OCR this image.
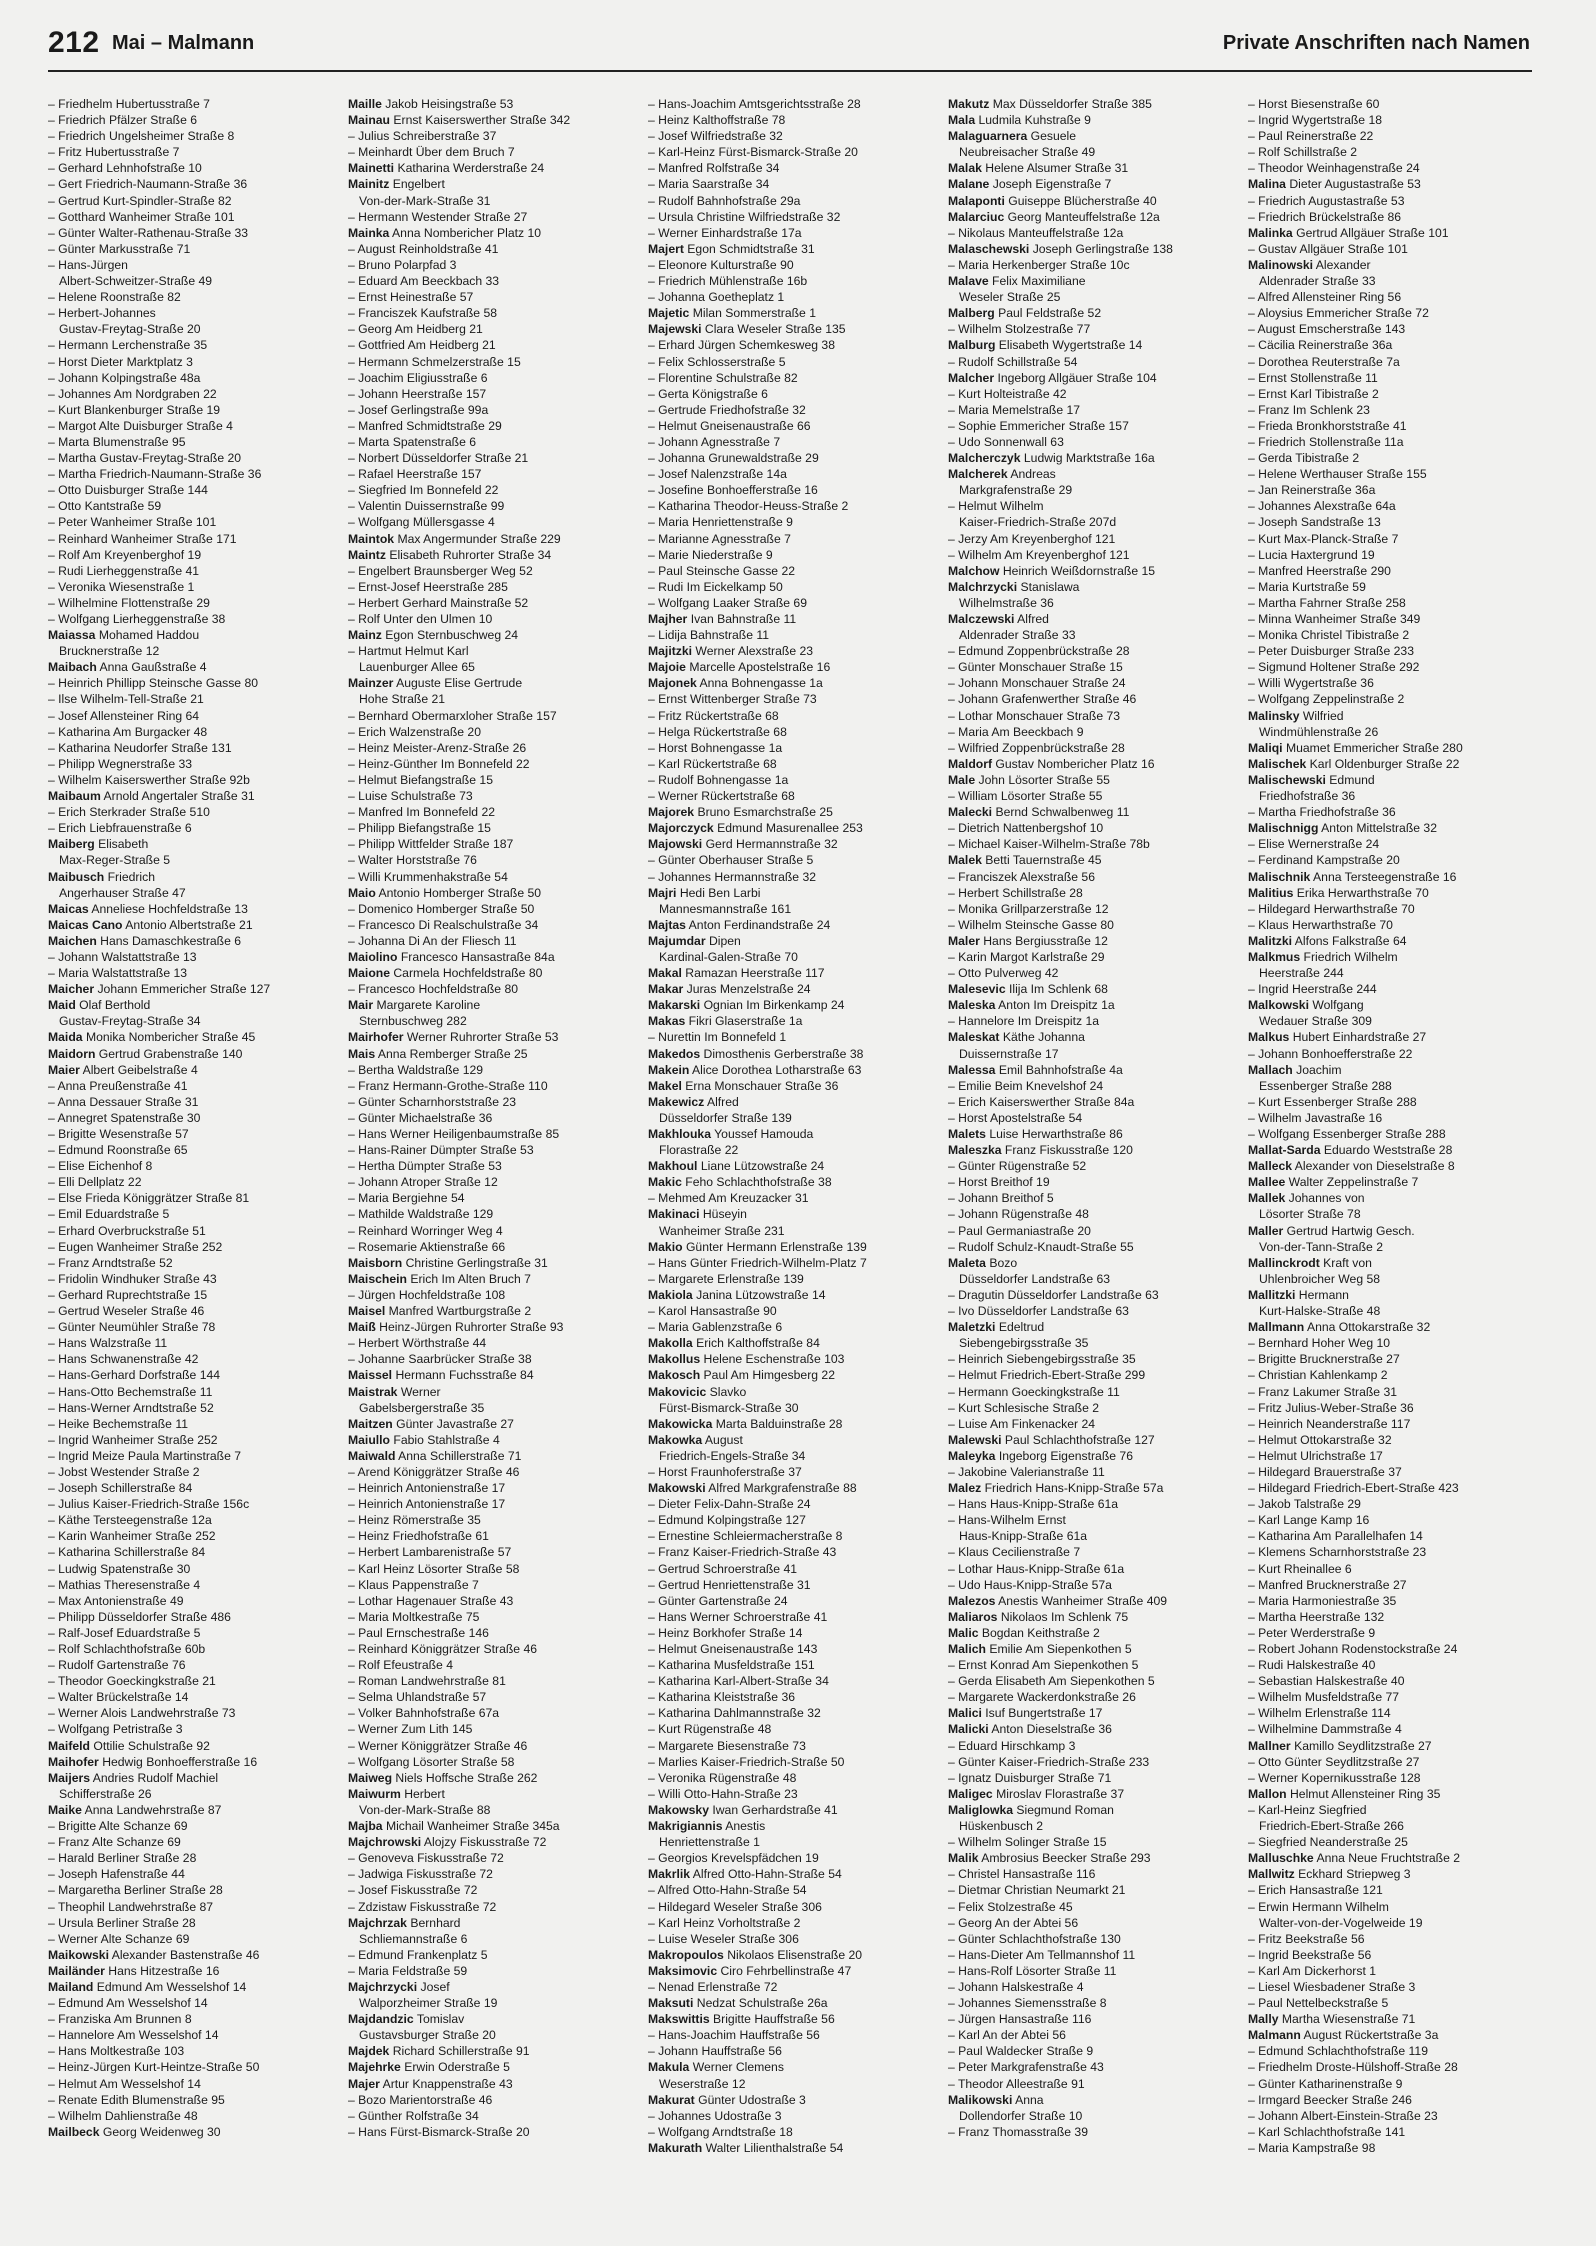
212 Mai – Malmann	Private Anschriften nach Namen
– Friedhelm Hubertusstraße 7
– Friedrich Pfälzer Straße 6
– Friedrich Ungelsheimer Straße 8
– Fritz Hubertusstraße 7
– Gerhard Lehnhofstraße 10
– Gert Friedrich-Naumann-Straße 36
– Gertrud Kurt-Spindler-Straße 82
– Gotthard Wanheimer Straße 101
– Günter Walter-Rathenau-Straße 33
– Günter Markusstraße 71
– Hans-Jürgen
Albert-Schweitzer-Straße 49
– Helene Roonstraße 82
– Herbert-Johannes
Gustav-Freytag-Straße 20
– Hermann Lerchenstraße 35
– Horst Dieter Marktplatz 3
– Johann Kolpingstraße 48a
– Johannes Am Nordgraben 22
– Kurt Blankenburger Straße 19
– Margot Alte Duisburger Straße 4
– Marta Blumenstraße 95
– Martha Gustav-Freytag-Straße 20
– Martha Friedrich-Naumann-Straße 36
– Otto Duisburger Straße 144
– Otto Kantstraße 59
– Peter Wanheimer Straße 101
– Reinhard Wanheimer Straße 171
– Rolf Am Kreyenberghof 19
– Rudi Lierheggenstraße 41
– Veronika Wiesenstraße 1
– Wilhelmine Flottenstraße 29
– Wolfgang Lierheggenstraße 38
Maiassa Mohamed Haddou
Brucknerstraße 12
Maibach Anna Gaußstraße 4
– Heinrich Phillipp Steinsche Gasse 80
– Ilse Wilhelm-Tell-Straße 21
– Josef Allensteiner Ring 64
– Katharina Am Burgacker 48
– Katharina Neudorfer Straße 131
– Philipp Wegnerstraße 33
– Wilhelm Kaiserswerther Straße 92b
Maibaum Arnold Angertaler Straße 31
– Erich Sterkrader Straße 510
– Erich Liebfrauenstraße 6
Maiberg Elisabeth
Max-Reger-Straße 5
Maibusch Friedrich
Angerhauser Straße 47
Maicas Anneliese Hochfeldstraße 13
Maicas Cano Antonio Albertstraße 21
Maichen Hans Damaschkestraße 6
– Johann Walstattstraße 13
– Maria Walstattstraße 13
Maicher Johann Emmericher Straße 127
Maid Olaf Berthold
Gustav-Freytag-Straße 34
Maida Monika Nombericher Straße 45
Maidorn Gertrud Grabenstraße 140
Maier Albert Geibelstraße 4
– Anna Preußenstraße 41
– Anna Dessauer Straße 31
– Annegret Spatenstraße 30
– Brigitte Wesenstraße 57
– Edmund Roonstraße 65
– Elise Eichenhof 8
– Elli Dellplatz 22
– Else Frieda Königgrätzer Straße 81
– Emil Eduardstraße 5
– Erhard Overbruckstraße 51
– Eugen Wanheimer Straße 252
– Franz Arndtstraße 52
– Fridolin Windhuker Straße 43
– Gerhard Ruprechtstraße 15
– Gertrud Weseler Straße 46
– Günter Neumühler Straße 78
– Hans Walzstraße 11
– Hans Schwanenstraße 42
– Hans-Gerhard Dorfstraße 144
– Hans-Otto Bechemstraße 11
– Hans-Werner Arndtstraße 52
– Heike Bechemstraße 11
– Ingrid Wanheimer Straße 252
– Ingrid Meize Paula Martinstraße 7
– Jobst Westender Straße 2
– Joseph Schillerstraße 84
– Julius Kaiser-Friedrich-Straße 156c
– Käthe Tersteegenstraße 12a
– Karin Wanheimer Straße 252
– Katharina Schillerstraße 84
– Ludwig Spatenstraße 30
– Mathias Theresenstraße 4
– Max Antonienstraße 49
– Philipp Düsseldorfer Straße 486
– Ralf-Josef Eduardstraße 5
– Rolf Schlachthofstraße 60b
– Rudolf Gartenstraße 76
– Theodor Goeckingkstraße 21
– Walter Brückelstraße 14
– Werner Alois Landwehrstraße 73
– Wolfgang Petristraße 3
Maifeld Ottilie Schulstraße 92
Maihofer Hedwig Bonhoefferstraße 16
Maijers Andries Rudolf Machiel
Schifferstraße 26
Maike Anna Landwehrstraße 87
– Brigitte Alte Schanze 69
– Franz Alte Schanze 69
– Harald Berliner Straße 28
– Joseph Hafenstraße 44
– Margaretha Berliner Straße 28
– Theophil Landwehrstraße 87
– Ursula Berliner Straße 28
– Werner Alte Schanze 69
Maikowski Alexander Bastenstraße 46
Mailänder Hans Hitzestraße 16
Mailand Edmund Am Wesselshof 14
– Edmund Am Wesselshof 14
– Franziska Am Brunnen 8
– Hannelore Am Wesselshof 14
– Hans Moltkestraße 103
– Heinz-Jürgen Kurt-Heintze-Straße 50
– Helmut Am Wesselshof 14
– Renate Edith Blumenstraße 95
– Wilhelm Dahlienstraße 48
Mailbeck Georg Weidenweg 30
Maille Jakob Heisingstraße 53
Mainau Ernst Kaiserswerther Straße 342
– Julius Schreiberstraße 37
– Meinhardt Über dem Bruch 7
Mainetti Katharina Werderstraße 24
Mainitz Engelbert
Von-der-Mark-Straße 31
– Hermann Westender Straße 27
Mainka Anna Nombericher Platz 10
– August Reinholdstraße 41
– Bruno Polarpfad 3
– Eduard Am Beeckbach 33
– Ernst Heinestraße 57
– Franciszek Kaufstraße 58
– Georg Am Heidberg 21
– Gottfried Am Heidberg 21
– Hermann Schmelzerstraße 15
– Joachim Eligiusstraße 6
– Johann Heerstraße 157
– Josef Gerlingstraße 99a
– Manfred Schmidtstraße 29
– Marta Spatenstraße 6
– Norbert Düsseldorfer Straße 21
– Rafael Heerstraße 157
– Siegfried Im Bonnefeld 22
– Valentin Duissernstraße 99
– Wolfgang Müllersgasse 4
Maintok Max Angermunder Straße 229
Maintz Elisabeth Ruhrorter Straße 34
– Engelbert Braunsberger Weg 52
– Ernst-Josef Heerstraße 285
– Herbert Gerhard Mainstraße 52
– Rolf Unter den Ulmen 10
Mainz Egon Sternbuschweg 24
– Hartmut Helmut Karl
Lauenburger Allee 65
Mainzer Auguste Elise Gertrude
Hohe Straße 21
– Bernhard Obermarxloher Straße 157
– Erich Walzenstraße 20
– Heinz Meister-Arenz-Straße 26
– Heinz-Günther Im Bonnefeld 22
– Helmut Biefangstraße 15
– Luise Schulstraße 73
– Manfred Im Bonnefeld 22
– Philipp Biefangstraße 15
– Philipp Wittfelder Straße 187
– Walter Horststraße 76
– Willi Krummenhakstraße 54
Maio Antonio Homberger Straße 50
– Domenico Homberger Straße 50
– Francesco Di Realschulstraße 34
– Johanna Di An der Fliesch 11
Maiolino Francesco Hansastraße 84a
Maione Carmela Hochfeldstraße 80
– Francesco Hochfeldstraße 80
Mair Margarete Karoline
Sternbuschweg 282
Mairhofer Werner Ruhrorter Straße 53
Mais Anna Remberger Straße 25
– Bertha Waldstraße 129
– Franz Hermann-Grothe-Straße 110
– Günter Scharnhorststraße 23
– Günter Michaelstraße 36
– Hans Werner Heiligenbaumstraße 85
– Hans-Rainer Dümpter Straße 53
– Hertha Dümpter Straße 53
– Johann Atroper Straße 12
– Maria Bergiehne 54
– Mathilde Waldstraße 129
– Reinhard Worringer Weg 4
– Rosemarie Aktienstraße 66
Maisborn Christine Gerlingstraße 31
Maischein Erich Im Alten Bruch 7
– Jürgen Hochfeldstraße 108
Maisel Manfred Wartburgstraße 2
Maiß Heinz-Jürgen Ruhrorter Straße 93
– Herbert Wörthstraße 44
– Johanne Saarbrücker Straße 38
Maissel Hermann Fuchsstraße 84
Maistrak Werner
Gabelsbergerstraße 35
Maitzen Günter Javastraße 27
Maiullo Fabio Stahlstraße 4
Maiwald Anna Schillerstraße 71
– Arend Königgrätzer Straße 46
– Heinrich Antonienstraße 17
– Heinrich Antonienstraße 17
– Heinz Römerstraße 35
– Heinz Friedhofstraße 61
– Herbert Lambarenistraße 57
– Karl Heinz Lösorter Straße 58
– Klaus Pappenstraße 7
– Lothar Hagenauer Straße 43
– Maria Moltkestraße 75
– Paul Ernschestraße 146
– Reinhard Königgrätzer Straße 46
– Rolf Efeustraße 4
– Roman Landwehrstraße 81
– Selma Uhlandstraße 57
– Volker Bahnhofstraße 67a
– Werner Zum Lith 145
– Werner Königgrätzer Straße 46
– Wolfgang Lösorter Straße 58
Maiweg Niels Hoffsche Straße 262
Maiwurm Herbert
Von-der-Mark-Straße 88
Majba Michail Wanheimer Straße 345a
Majchrowski Alojzy Fiskusstraße 72
– Genoveva Fiskusstraße 72
– Jadwiga Fiskusstraße 72
– Josef Fiskusstraße 72
– Zdzistaw Fiskusstraße 72
Majchrzak Bernhard
Schliemannstraße 6
– Edmund Frankenplatz 5
– Maria Feldstraße 59
Majchrzycki Josef
Walporzheimer Straße 19
Majdandzic Tomislav
Gustavsburger Straße 20
Majdek Richard Schillerstraße 91
Majehrke Erwin Oderstraße 5
Majer Artur Knappenstraße 43
– Bozo Marientorstraße 46
– Günther Rolfstraße 34
– Hans Fürst-Bismarck-Straße 20
– Hans-Joachim Amtsgerichtsstraße 28
– Heinz Kalthoffstraße 78
– Josef Wilfriedstraße 32
– Karl-Heinz Fürst-Bismarck-Straße 20
– Manfred Rolfstraße 34
– Maria Saarstraße 34
– Rudolf Bahnhofstraße 29a
– Ursula Christine Wilfriedstraße 32
– Werner Einhardstraße 17a
Majert Egon Schmidtstraße 31
– Eleonore Kulturstraße 90
– Friedrich Mühlenstraße 16b
– Johanna Goetheplatz 1
Majetic Milan Sommerstraße 1
Majewski Clara Weseler Straße 135
– Erhard Jürgen Schemkesweg 38
– Felix Schlosserstraße 5
– Florentine Schulstraße 82
– Gerta Königstraße 6
– Gertrude Friedhofstraße 32
– Helmut Gneisenaustraße 66
– Johann Agnesstraße 7
– Johanna Grunewaldstraße 29
– Josef Nalenzstraße 14a
– Josefine Bonhoefferstraße 16
– Katharina Theodor-Heuss-Straße 2
– Maria Henriettenstraße 9
– Marianne Agnesstraße 7
– Marie Niederstraße 9
– Paul Steinsche Gasse 22
– Rudi Im Eickelkamp 50
– Wolfgang Laaker Straße 69
Majher Ivan Bahnstraße 11
– Lidija Bahnstraße 11
Majitzki Werner Alexstraße 23
Majoie Marcelle Apostelstraße 16
Majonek Anna Bohnengasse 1a
– Ernst Wittenberger Straße 73
– Fritz Rückertstraße 68
– Helga Rückertstraße 68
– Horst Bohnengasse 1a
– Karl Rückertstraße 68
– Rudolf Bohnengasse 1a
– Werner Rückertstraße 68
Majorek Bruno Esmarchstraße 25
Majorczyck Edmund Masurenallee 253
Majowski Gerd Hermannstraße 32
– Günter Oberhauser Straße 5
– Johannes Hermannstraße 32
Majri Hedi Ben Larbi
Mannesmannstraße 161
Majtas Anton Ferdinandstraße 24
Majumdar Dipen
Kardinal-Galen-Straße 70
Makal Ramazan Heerstraße 117
Makar Juras Menzelstraße 24
Makarski Ognian Im Birkenkamp 24
Makas Fikri Glaserstraße 1a
– Nurettin Im Bonnefeld 1
Makedos Dimosthenis Gerberstraße 38
Makein Alice Dorothea Lotharstraße 63
Makel Erna Monschauer Straße 36
Makewicz Alfred
Düsseldorfer Straße 139
Makhlouka Youssef Hamouda
Florastraße 22
Makhoul Liane Lützowstraße 24
Makic Feho Schlachthofstraße 38
– Mehmed Am Kreuzacker 31
Makinaci Hüseyin
Wanheimer Straße 231
Makio Günter Hermann Erlenstraße 139
– Hans Günter Friedrich-Wilhelm-Platz 7
– Margarete Erlenstraße 139
Makiola Janina Lützowstraße 14
– Karol Hansastraße 90
– Maria Gablenzstraße 6
Makolla Erich Kalthoffstraße 84
Makollus Helene Eschenstraße 103
Makosch Paul Am Himgesberg 22
Makovicic Slavko
Fürst-Bismarck-Straße 30
Makowicka Marta Balduinstraße 28
Makowka August
Friedrich-Engels-Straße 34
– Horst Fraunhoferstraße 37
Makowski Alfred Markgrafenstraße 88
– Dieter Felix-Dahn-Straße 24
– Edmund Kolpingstraße 127
– Ernestine Schleiermacherstraße 8
– Franz Kaiser-Friedrich-Straße 43
– Gertrud Schroerstraße 41
– Gertrud Henriettenstraße 31
– Günter Gartenstraße 24
– Hans Werner Schroerstraße 41
– Heinz Borkhofer Straße 14
– Helmut Gneisenaustraße 143
– Katharina Musfeldstraße 151
– Katharina Karl-Albert-Straße 34
– Katharina Kleiststraße 36
– Katharina Dahlmannstraße 32
– Kurt Rügenstraße 48
– Margarete Biesenstraße 73
– Marlies Kaiser-Friedrich-Straße 50
– Veronika Rügenstraße 48
– Willi Otto-Hahn-Straße 23
Makowsky Iwan Gerhardstraße 41
Makrigiannis Anestis
Henriettenstraße 1
– Georgios Krevelspfädchen 19
Makrlik Alfred Otto-Hahn-Straße 54
– Alfred Otto-Hahn-Straße 54
– Hildegard Weseler Straße 306
– Karl Heinz Vorholtstraße 2
– Luise Weseler Straße 306
Makropoulos Nikolaos Elisenstraße 20
Maksimovic Ciro Fehrbellinstraße 47
– Nenad Erlenstraße 72
Maksuti Nedzat Schulstraße 26a
Makswittis Brigitte Hauffstraße 56
– Hans-Joachim Hauffstraße 56
– Johann Hauffstraße 56
Makula Werner Clemens
Weserstraße 12
Makurat Günter Udostraße 3
– Johannes Udostraße 3
– Wolfgang Arndtstraße 18
Makurath Walter Lilienthalstraße 54
Makutz Max Düsseldorfer Straße 385
Mala Ludmila Kuhstraße 9
Malaguarnera Gesuele
Neubreisacher Straße 49
Malak Helene Alsumer Straße 31
Malane Joseph Eigenstraße 7
Malaponti Guiseppe Blücherstraße 40
Malarciuc Georg Manteuffelstraße 12a
– Nikolaus Manteuffelstraße 12a
Malaschewski Joseph Gerlingstraße 138
– Maria Herkenberger Straße 10c
Malave Felix Maximiliane
Weseler Straße 25
Malberg Paul Feldstraße 52
– Wilhelm Stolzestraße 77
Malburg Elisabeth Wygertstraße 14
– Rudolf Schillstraße 54
Malcher Ingeborg Allgäuer Straße 104
– Kurt Holteistraße 42
– Maria Memelstraße 17
– Sophie Emmericher Straße 157
– Udo Sonnenwall 63
Malcherczyk Ludwig Marktstraße 16a
Malcherek Andreas
Markgrafenstraße 29
– Helmut Wilhelm
Kaiser-Friedrich-Straße 207d
– Jerzy Am Kreyenberghof 121
– Wilhelm Am Kreyenberghof 121
Malchow Heinrich Weißdornstraße 15
Malchrzycki Stanislawa
Wilhelmstraße 36
Malczewski Alfred
Aldenrader Straße 33
– Edmund Zoppenbrückstraße 28
– Günter Monschauer Straße 15
– Johann Monschauer Straße 24
– Johann Grafenwerther Straße 46
– Lothar Monschauer Straße 73
– Maria Am Beeckbach 9
– Wilfried Zoppenbrückstraße 28
Maldorf Gustav Nombericher Platz 16
Male John Lösorter Straße 55
– William Lösorter Straße 55
Malecki Bernd Schwalbenweg 11
– Dietrich Nattenbergshof 10
– Michael Kaiser-Wilhelm-Straße 78b
Malek Betti Tauernstraße 45
– Franciszek Alexstraße 56
– Herbert Schillstraße 28
– Monika Grillparzerstraße 12
– Wilhelm Steinsche Gasse 80
Maler Hans Bergiusstraße 12
– Karin Margot Karlstraße 29
– Otto Pulverweg 42
Malesevic Ilija Im Schlenk 68
Maleska Anton Im Dreispitz 1a
– Hannelore Im Dreispitz 1a
Maleskat Käthe Johanna
Duissernstraße 17
Malessa Emil Bahnhofstraße 4a
– Emilie Beim Knevelshof 24
– Erich Kaiserswerther Straße 84a
– Horst Apostelstraße 54
Malets Luise Herwarthstraße 86
Maleszka Franz Fiskusstraße 120
– Günter Rügenstraße 52
– Horst Breithof 19
– Johann Breithof 5
– Johann Rügenstraße 48
– Paul Germaniastraße 20
– Rudolf Schulz-Knaudt-Straße 55
Maleta Bozo
Düsseldorfer Landstraße 63
– Dragutin Düsseldorfer Landstraße 63
– Ivo Düsseldorfer Landstraße 63
Maletzki Edeltrud
Siebengebirgsstraße 35
– Heinrich Siebengebirgsstraße 35
– Helmut Friedrich-Ebert-Straße 299
– Hermann Goeckingkstraße 11
– Kurt Schlesische Straße 2
– Luise Am Finkenacker 24
Malewski Paul Schlachthofstraße 127
Maleyka Ingeborg Eigenstraße 76
– Jakobine Valerianstraße 11
Malez Friedrich Hans-Knipp-Straße 57a
– Hans Haus-Knipp-Straße 61a
– Hans-Wilhelm Ernst
Haus-Knipp-Straße 61a
– Klaus Cecilienstraße 7
– Lothar Haus-Knipp-Straße 61a
– Udo Haus-Knipp-Straße 57a
Malezos Anestis Wanheimer Straße 409
Maliaros Nikolaos Im Schlenk 75
Malic Bogdan Keithstraße 2
Malich Emilie Am Siepenkothen 5
– Ernst Konrad Am Siepenkothen 5
– Gerda Elisabeth Am Siepenkothen 5
– Margarete Wackerdonkstraße 26
Malici Isuf Bungertstraße 17
Malicki Anton Dieselstraße 36
– Eduard Hirschkamp 3
– Günter Kaiser-Friedrich-Straße 233
– Ignatz Duisburger Straße 71
Maligec Miroslav Florastraße 37
Maliglowka Siegmund Roman
Hüskenbusch 2
– Wilhelm Solinger Straße 15
Malik Ambrosius Beecker Straße 293
– Christel Hansastraße 116
– Dietmar Christian Neumarkt 21
– Felix Stolzestraße 45
– Georg An der Abtei 56
– Günter Schlachthofstraße 130
– Hans-Dieter Am Tellmannshof 11
– Hans-Rolf Lösorter Straße 11
– Johann Halskestraße 4
– Johannes Siemensstraße 8
– Jürgen Hansastraße 116
– Karl An der Abtei 56
– Paul Waldecker Straße 9
– Peter Markgrafenstraße 43
– Theodor Alleestraße 91
Malikowski Anna
Dollendorfer Straße 10
– Franz Thomasstraße 39
– Horst Biesenstraße 60
– Ingrid Wygertstraße 18
– Paul Reinerstraße 22
– Rolf Schillstraße 2
– Theodor Weinhagenstraße 24
Malina Dieter Augustastraße 53
– Friedrich Augustastraße 53
– Friedrich Brückelstraße 86
Malinka Gertrud Allgäuer Straße 101
– Gustav Allgäuer Straße 101
Malinowski Alexander
Aldenrader Straße 33
– Alfred Allensteiner Ring 56
– Aloysius Emmericher Straße 72
– August Emscherstraße 143
– Cäcilia Reinerstraße 36a
– Dorothea Reuterstraße 7a
– Ernst Stollenstraße 11
– Ernst Karl Tibistraße 2
– Franz Im Schlenk 23
– Frieda Bronkhorststraße 41
– Friedrich Stollenstraße 11a
– Gerda Tibistraße 2
– Helene Werthauser Straße 155
– Jan Reinerstraße 36a
– Johannes Alexstraße 64a
– Joseph Sandstraße 13
– Kurt Max-Planck-Straße 7
– Lucia Haxtergrund 19
– Manfred Heerstraße 290
– Maria Kurtstraße 59
– Martha Fahrner Straße 258
– Minna Wanheimer Straße 349
– Monika Christel Tibistraße 2
– Peter Duisburger Straße 233
– Sigmund Holtener Straße 292
– Willi Wygertstraße 36
– Wolfgang Zeppelinstraße 2
Malinsky Wilfried
Windmühlenstraße 26
Maliqi Muamet Emmericher Straße 280
Malischek Karl Oldenburger Straße 22
Malischewski Edmund
Friedhofstraße 36
– Martha Friedhofstraße 36
Malischnigg Anton Mittelstraße 32
– Elise Wernerstraße 24
– Ferdinand Kampstraße 20
Malischnik Anna Tersteegenstraße 16
Malitius Erika Herwarthstraße 70
– Hildegard Herwarthstraße 70
– Klaus Herwarthstraße 70
Malitzki Alfons Falkstraße 64
Malkmus Friedrich Wilhelm
Heerstraße 244
– Ingrid Heerstraße 244
Malkowski Wolfgang
Wedauer Straße 309
Malkus Hubert Einhardstraße 27
– Johann Bonhoefferstraße 22
Mallach Joachim
Essenberger Straße 288
– Kurt Essenberger Straße 288
– Wilhelm Javastraße 16
– Wolfgang Essenberger Straße 288
Mallat-Sarda Eduardo Weststraße 28
Malleck Alexander von Dieselstraße 8
Mallee Walter Zeppelinstraße 7
Mallek Johannes von
Lösorter Straße 78
Maller Gertrud Hartwig Gesch.
Von-der-Tann-Straße 2
Mallinckrodt Kraft von
Uhlenbroicher Weg 58
Mallitzki Hermann
Kurt-Halske-Straße 48
Mallmann Anna Ottokarstraße 32
– Bernhard Hoher Weg 10
– Brigitte Brucknerstraße 27
– Christian Kahlenkamp 2
– Franz Lakumer Straße 31
– Fritz Julius-Weber-Straße 36
– Heinrich Neanderstraße 117
– Helmut Ottokarstraße 32
– Helmut Ulrichstraße 17
– Hildegard Brauerstraße 37
– Hildegard Friedrich-Ebert-Straße 423
– Jakob Talstraße 29
– Karl Lange Kamp 16
– Katharina Am Parallelhafen 14
– Klemens Scharnhorststraße 23
– Kurt Rheinallee 6
– Manfred Brucknerstraße 27
– Maria Harmoniestraße 35
– Martha Heerstraße 132
– Peter Werderstraße 9
– Robert Johann Rodenstockstraße 24
– Rudi Halskestraße 40
– Sebastian Halskestraße 40
– Wilhelm Musfeldstraße 77
– Wilhelm Erlenstraße 114
– Wilhelmine Dammstraße 4
Mallner Kamillo Seydlitzstraße 27
– Otto Günter Seydlitzstraße 27
– Werner Kopernikusstraße 128
Mallon Helmut Allensteiner Ring 35
– Karl-Heinz Siegfried
Friedrich-Ebert-Straße 266
– Siegfried Neanderstraße 25
Malluschke Anna Neue Fruchtstraße 2
Mallwitz Eckhard Striepweg 3
– Erich Hansastraße 121
– Erwin Hermann Wilhelm
Walter-von-der-Vogelweide 19
– Fritz Beekstraße 56
– Ingrid Beekstraße 56
– Karl Am Dickerhorst 1
– Liesel Wiesbadener Straße 3
– Paul Nettelbeckstraße 5
Mally Martha Wiesenstraße 71
Malmann August Rückertstraße 3a
– Edmund Schlachthofstraße 119
– Friedhelm Droste-Hülshoff-Straße 28
– Günter Katharinenstraße 9
– Irmgard Beecker Straße 246
– Johann Albert-Einstein-Straße 23
– Karl Schlachthofstraße 141
– Maria Kampstraße 98
